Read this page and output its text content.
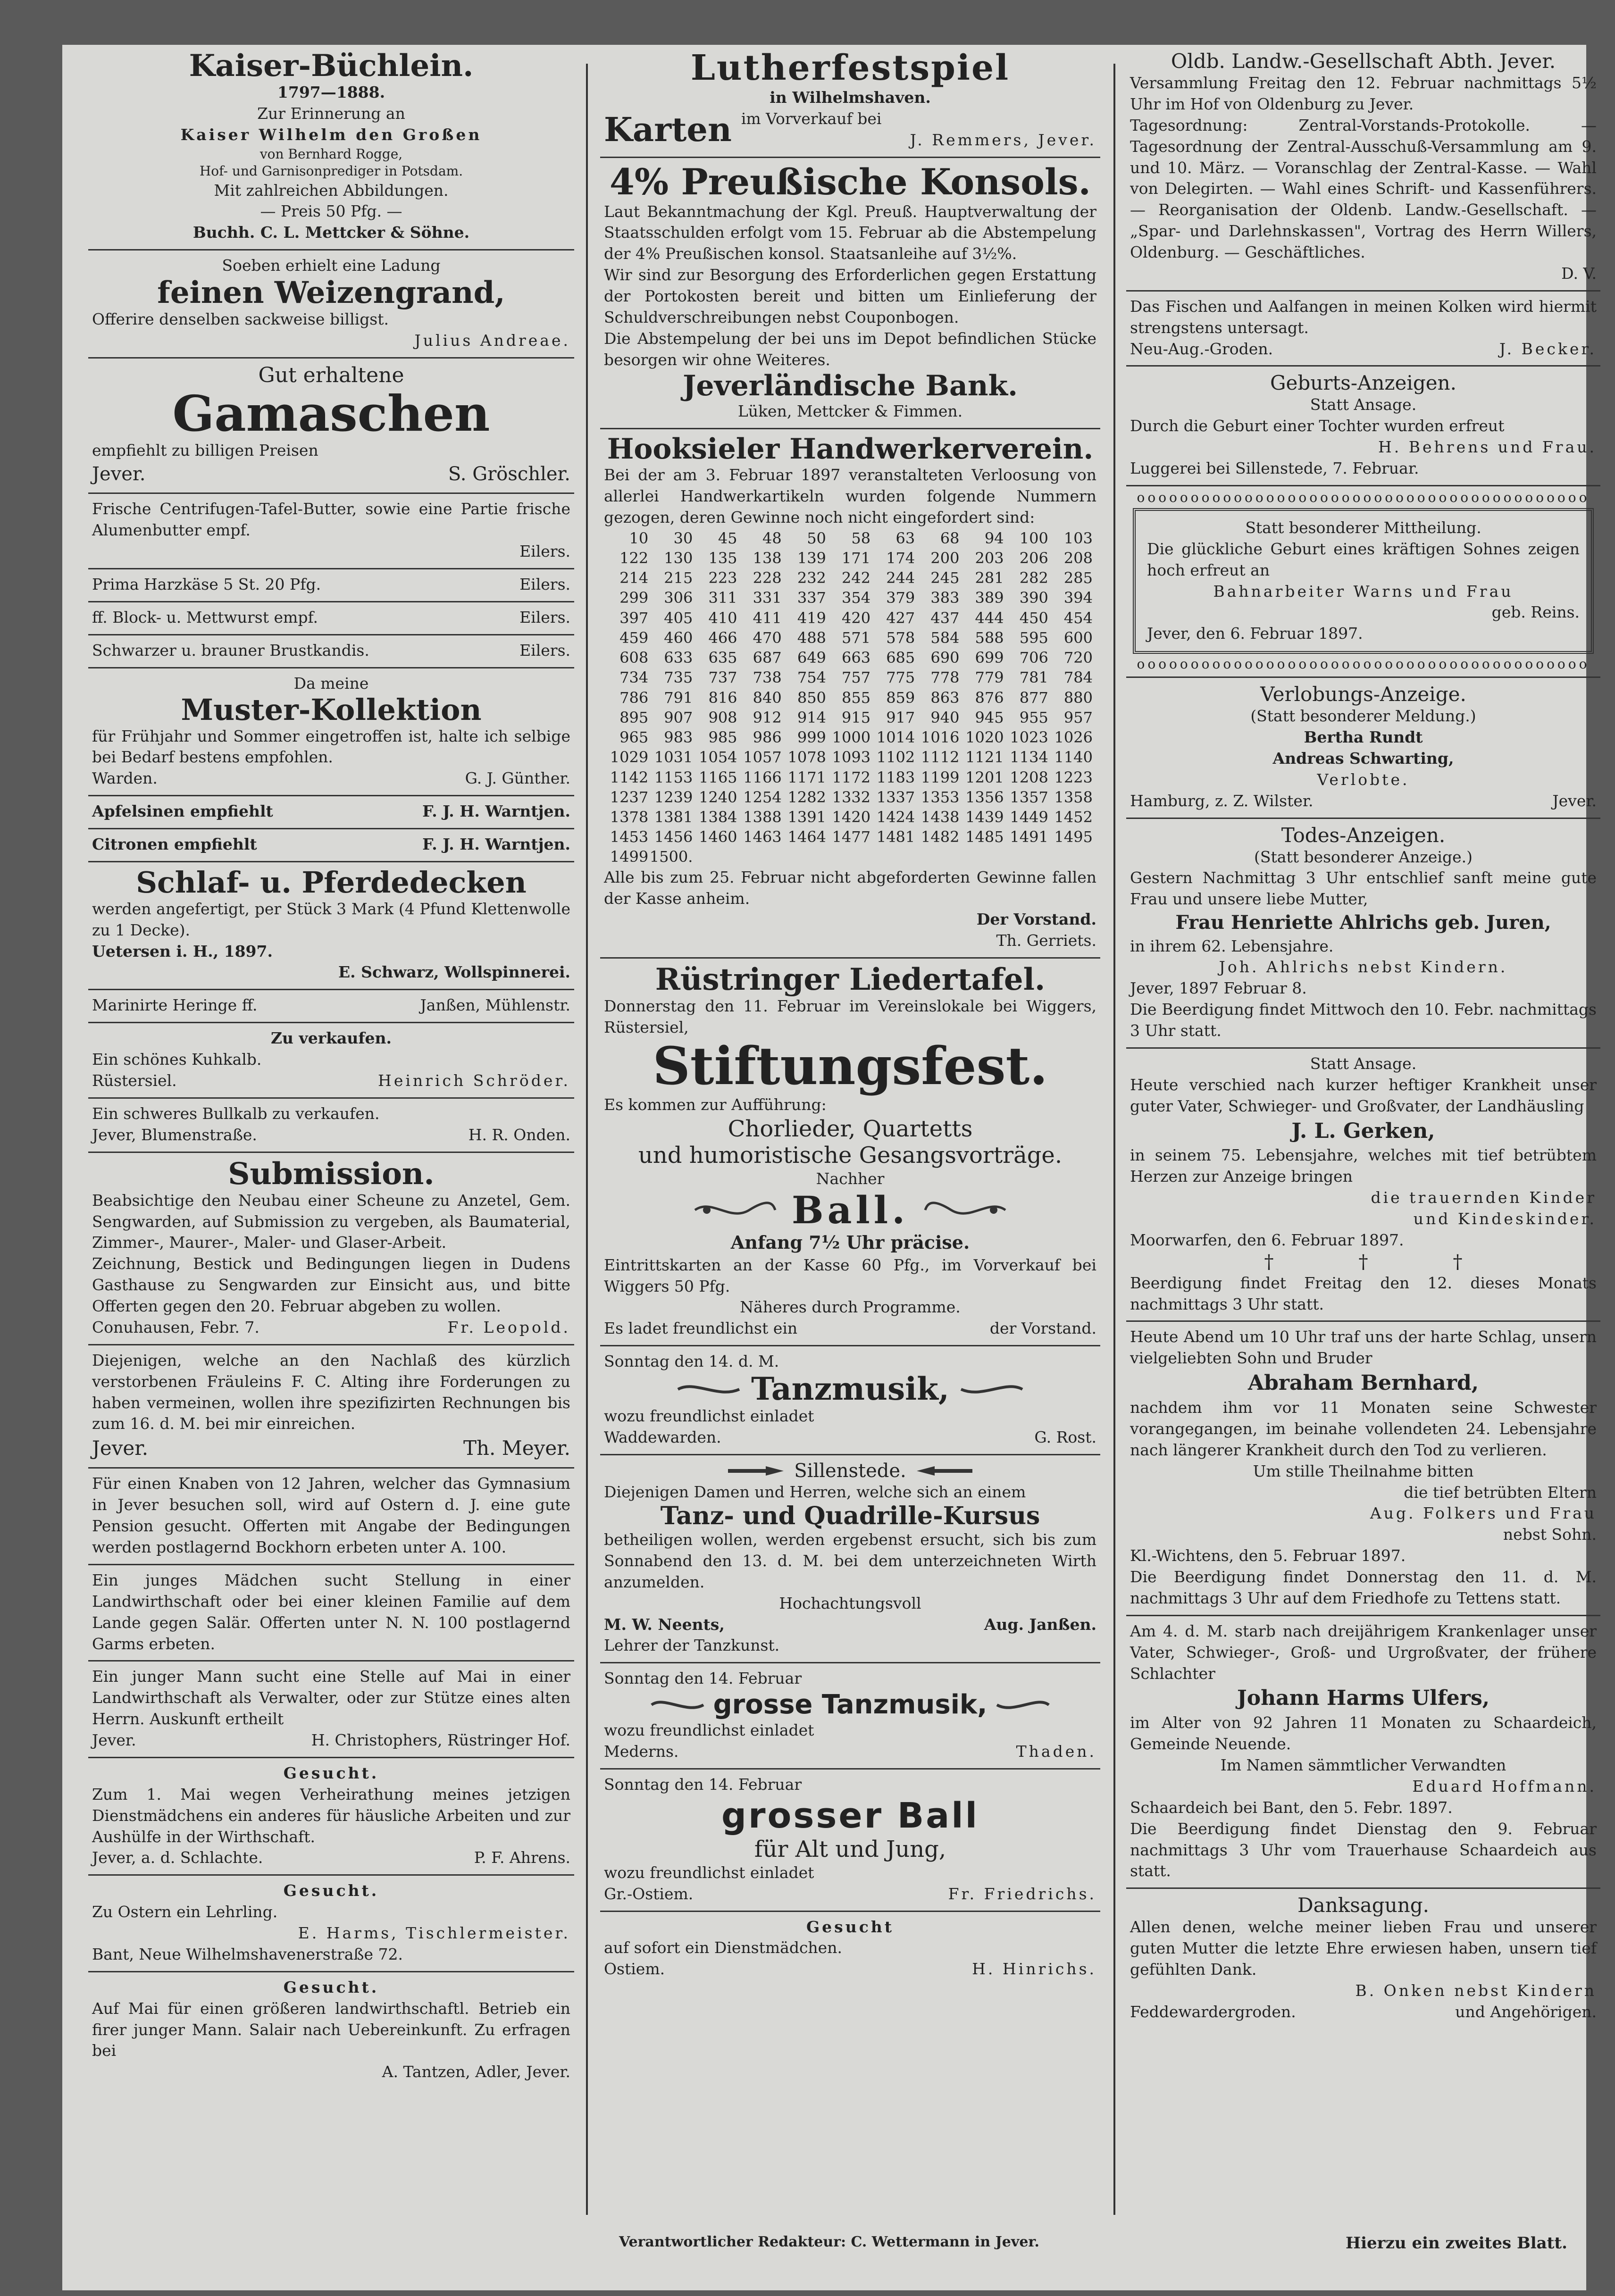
Kaiser-Büchlein.
1797—1888.
Zur Erinnerung an
Kaiser Wilhelm den Großen
von Bernhard Rogge,
Hof- und Garnisonprediger in Potsdam.
Mit zahlreichen Abbildungen.
— Preis 50 Pfg. —
Buchh. C. L. Mettcker & Söhne.
Soeben erhielt eine Ladung
feinen Weizengrand,
Offerire denselben sackweise billigst.
Julius Andreae.
Gut erhaltene
Gamaschen
empfiehlt zu billigen Preisen
Jever.	S. Gröschler.
Frische Centrifugen-Tafel-Butter, sowie eine Partie frische Alumenbutter empf.
Eilers.
Prima Harzkäse 5 St. 20 Pfg.	Eilers.
ff. Block- u. Mettwurst empf.	Eilers.
Schwarzer u. brauner Brustkandis.	Eilers.
Da meine
Muster-Kollektion
für Frühjahr und Sommer eingetroffen ist, halte ich selbige bei Bedarf bestens empfohlen.
Warden.	G. J. Günther.
Apfelsinen empfiehlt	F. J. H. Warntjen.
Citronen empfiehlt	F. J. H. Warntjen.
Schlaf- u. Pferdedecken
werden angefertigt, per Stück 3 Mark (4 Pfund Klettenwolle zu 1 Decke).
Uetersen i. H., 1897.
E. Schwarz, Wollspinnerei.
Marinirte Heringe ff.	Janßen, Mühlenstr.
Zu verkaufen.
Ein schönes Kuhkalb.
Rüstersiel.	Heinrich Schröder.
Ein schweres Bullkalb zu verkaufen.
Jever, Blumenstraße.	H. R. Onden.
Submission.
Beabsichtige den Neubau einer Scheune zu Anzetel, Gem. Sengwarden, auf Submission zu vergeben, als Baumaterial, Zimmer-, Maurer-, Maler- und Glaser-Arbeit.
Zeichnung, Bestick und Bedingungen liegen in Dudens Gasthause zu Sengwarden zur Einsicht aus, und bitte Offerten gegen den 20. Februar abgeben zu wollen.
Conuhausen, Febr. 7.	Fr. Leopold.
Diejenigen, welche an den Nachlaß des kürzlich verstorbenen Fräuleins F. C. Alting ihre Forderungen zu haben vermeinen, wollen ihre spezifizirten Rechnungen bis zum 16. d. M. bei mir einreichen.
Jever.	Th. Meyer.
Für einen Knaben von 12 Jahren, welcher das Gymnasium in Jever besuchen soll, wird auf Ostern d. J. eine gute Pension gesucht. Offerten mit Angabe der Bedingungen werden postlagernd Bockhorn erbeten unter A. 100.
Ein junges Mädchen sucht Stellung in einer Landwirthschaft oder bei einer kleinen Familie auf dem Lande gegen Salär. Offerten unter N. N. 100 postlagernd Garms erbeten.
Ein junger Mann sucht eine Stelle auf Mai in einer Landwirthschaft als Verwalter, oder zur Stütze eines alten Herrn. Auskunft ertheilt
Jever.	H. Christophers, Rüstringer Hof.
Gesucht.
Zum 1. Mai wegen Verheirathung meines jetzigen Dienstmädchens ein anderes für häusliche Arbeiten und zur Aushülfe in der Wirthschaft.
Jever, a. d. Schlachte.	P. F. Ahrens.
Gesucht.
Zu Ostern ein Lehrling.
E. Harms, Tischlermeister.
Bant, Neue Wilhelmshavenerstraße 72.
Gesucht.
Auf Mai für einen größeren landwirthschaftl. Betrieb ein firer junger Mann. Salair nach Uebereinkunft. Zu erfragen bei
A. Tantzen, Adler, Jever.
Lutherfestspiel
in Wilhelmshaven.
Karten im Vorverkauf bei
J. Remmers, Jever.
4% Preußische Konsols.
Laut Bekanntmachung der Kgl. Preuß. Hauptverwaltung der Staatsschulden erfolgt vom 15. Februar ab die Abstempelung der 4% Preußischen konsol. Staatsanleihe auf 3½%.
Wir sind zur Besorgung des Erforderlichen gegen Erstattung der Portokosten bereit und bitten um Einlieferung der Schuldverschreibungen nebst Couponbogen.
Die Abstempelung der bei uns im Depot befindlichen Stücke besorgen wir ohne Weiteres.
Jeverländische Bank.
Lüken, Mettcker & Fimmen.
Hooksieler Handwerkerverein.
Bei der am 3. Februar 1897 veranstalteten Verloosung von allerlei Handwerkartikeln wurden folgende Nummern gezogen, deren Gewinne noch nicht eingefordert sind:
10	30	45	48	50	58	63	68	94	100	103
122	130	135	138	139	171	174	200	203	206	208
214	215	223	228	232	242	244	245	281	282	285
299	306	311	331	337	354	379	383	389	390	394
397	405	410	411	419	420	427	437	444	450	454
459	460	466	470	488	571	578	584	588	595	600
608	633	635	687	649	663	685	690	699	706	720
734	735	737	738	754	757	775	778	779	781	784
786	791	816	840	850	855	859	863	876	877	880
895	907	908	912	914	915	917	940	945	955	957
965	983	985	986	999 1000 1014 1016 1020 1023 1026
1029 1031 1054 1057 1078 1093 1102 1112 1121 1134 1140
1142 1153 1165 1166 1171 1172 1183 1199 1201 1208 1223
1237 1239 1240 1254 1282 1332 1337 1353 1356 1357 1358
1378 1381 1384 1388 1391 1420 1424 1438 1439 1449 1452
1453 1456 1460 1463 1464 1477 1481 1482 1485 1491 1495
1499 1500.
Alle bis zum 25. Februar nicht abgeforderten Gewinne fallen der Kasse anheim.
Der Vorstand.
Th. Gerriets.
Rüstringer Liedertafel.
Donnerstag den 11. Februar im Vereinslokale bei Wiggers, Rüstersiel,
Stiftungsfest.
Es kommen zur Aufführung:
Chorlieder, Quartetts
und humoristische Gesangsvorträge.
Nachher
Ball.
Anfang 7½ Uhr präcise.
Eintrittskarten an der Kasse 60 Pfg., im Vorverkauf bei Wiggers 50 Pfg.
Näheres durch Programme.
Es ladet freundlichst ein	der Vorstand.
Sonntag den 14. d. M.
Tanzmusik,
wozu freundlichst einladet
Waddewarden.	G. Rost.
Sillenstede.
Diejenigen Damen und Herren, welche sich an einem
Tanz- und Quadrille-Kursus
betheiligen wollen, werden ergebenst ersucht, sich bis zum Sonnabend den 13. d. M. bei dem unterzeichneten Wirth anzumelden.
Hochachtungsvoll
M. W. Neents,	Aug. Janßen.
Lehrer der Tanzkunst.
Sonntag den 14. Februar
grosse Tanzmusik,
wozu freundlichst einladet
Mederns.	Thaden.
Sonntag den 14. Februar
grosser Ball
für Alt und Jung,
wozu freundlichst einladet
Gr.-Ostiem.	Fr. Friedrichs.
Gesucht
auf sofort ein Dienstmädchen.
Ostiem.	H. Hinrichs.
Oldb. Landw.-Gesellschaft Abth. Jever.
Versammlung Freitag den 12. Februar nachmittags 5½ Uhr im Hof von Oldenburg zu Jever.
Tagesordnung: Zentral-Vorstands-Protokolle. — Tagesordnung der Zentral-Ausschuß-Versammlung am 9. und 10. März. — Voranschlag der Zentral-Kasse. — Wahl von Delegirten. — Wahl eines Schrift- und Kassenführers. — Reorganisation der Oldenb. Landw.-Gesellschaft. — „Spar- und Darlehnskassen", Vortrag des Herrn Willers, Oldenburg. — Geschäftliches.
D. V.
Das Fischen und Aalfangen in meinen Kolken wird hiermit strengstens untersagt.
Neu-Aug.-Groden.	J. Becker.
Geburts-Anzeigen.
Statt Ansage.
Durch die Geburt einer Tochter wurden erfreut
H. Behrens und Frau.
Luggerei bei Sillenstede, 7. Februar.
oooooooooooooooooooooooooooooooooooooooooo
Statt besonderer Mittheilung.
Die glückliche Geburt eines kräftigen Sohnes zeigen hoch erfreut an
Bahnarbeiter Warns und Frau
geb. Reins.
Jever, den 6. Februar 1897.
oooooooooooooooooooooooooooooooooooooooooo
Verlobungs-Anzeige.
(Statt besonderer Meldung.)
Bertha Rundt
Andreas Schwarting,
Verlobte.
Hamburg, z. Z. Wilster.	Jever.
Todes-Anzeigen.
(Statt besonderer Anzeige.)
Gestern Nachmittag 3 Uhr entschlief sanft meine gute Frau und unsere liebe Mutter,
Frau Henriette Ahlrichs geb. Juren,
in ihrem 62. Lebensjahre.
Joh. Ahlrichs nebst Kindern.
Jever, 1897 Februar 8.
Die Beerdigung findet Mittwoch den 10. Febr. nachmittags 3 Uhr statt.
Statt Ansage.
Heute verschied nach kurzer heftiger Krankheit unser guter Vater, Schwieger- und Großvater, der Landhäusling
J. L. Gerken,
in seinem 75. Lebensjahre, welches mit tief betrübtem Herzen zur Anzeige bringen
die trauernden Kinder
und Kindeskinder.
Moorwarfen, den 6. Februar 1897.
†	†	†
Beerdigung findet Freitag den 12. dieses Monats nachmittags 3 Uhr statt.
Heute Abend um 10 Uhr traf uns der harte Schlag, unsern vielgeliebten Sohn und Bruder
Abraham Bernhard,
nachdem ihm vor 11 Monaten seine Schwester vorangegangen, im beinahe vollendeten 24. Lebensjahre nach längerer Krankheit durch den Tod zu verlieren.
Um stille Theilnahme bitten
die tief betrübten Eltern
Aug. Folkers und Frau
nebst Sohn.
Kl.-Wichtens, den 5. Februar 1897.
Die Beerdigung findet Donnerstag den 11. d. M. nachmittags 3 Uhr auf dem Friedhofe zu Tettens statt.
Am 4. d. M. starb nach dreijährigem Krankenlager unser Vater, Schwieger-, Groß- und Urgroßvater, der frühere Schlachter
Johann Harms Ulfers,
im Alter von 92 Jahren 11 Monaten zu Schaardeich, Gemeinde Neuende.
Im Namen sämmtlicher Verwandten
Eduard Hoffmann.
Schaardeich bei Bant, den 5. Febr. 1897.
Die Beerdigung findet Dienstag den 9. Februar nachmittags 3 Uhr vom Trauerhause Schaardeich aus statt.
Danksagung.
Allen denen, welche meiner lieben Frau und unserer guten Mutter die letzte Ehre erwiesen haben, unsern tief gefühlten Dank.
B. Onken nebst Kindern
Feddewardergroden.	und Angehörigen.
Verantwortlicher Redakteur: C. Wettermann in Jever.	Hierzu ein zweites Blatt.
